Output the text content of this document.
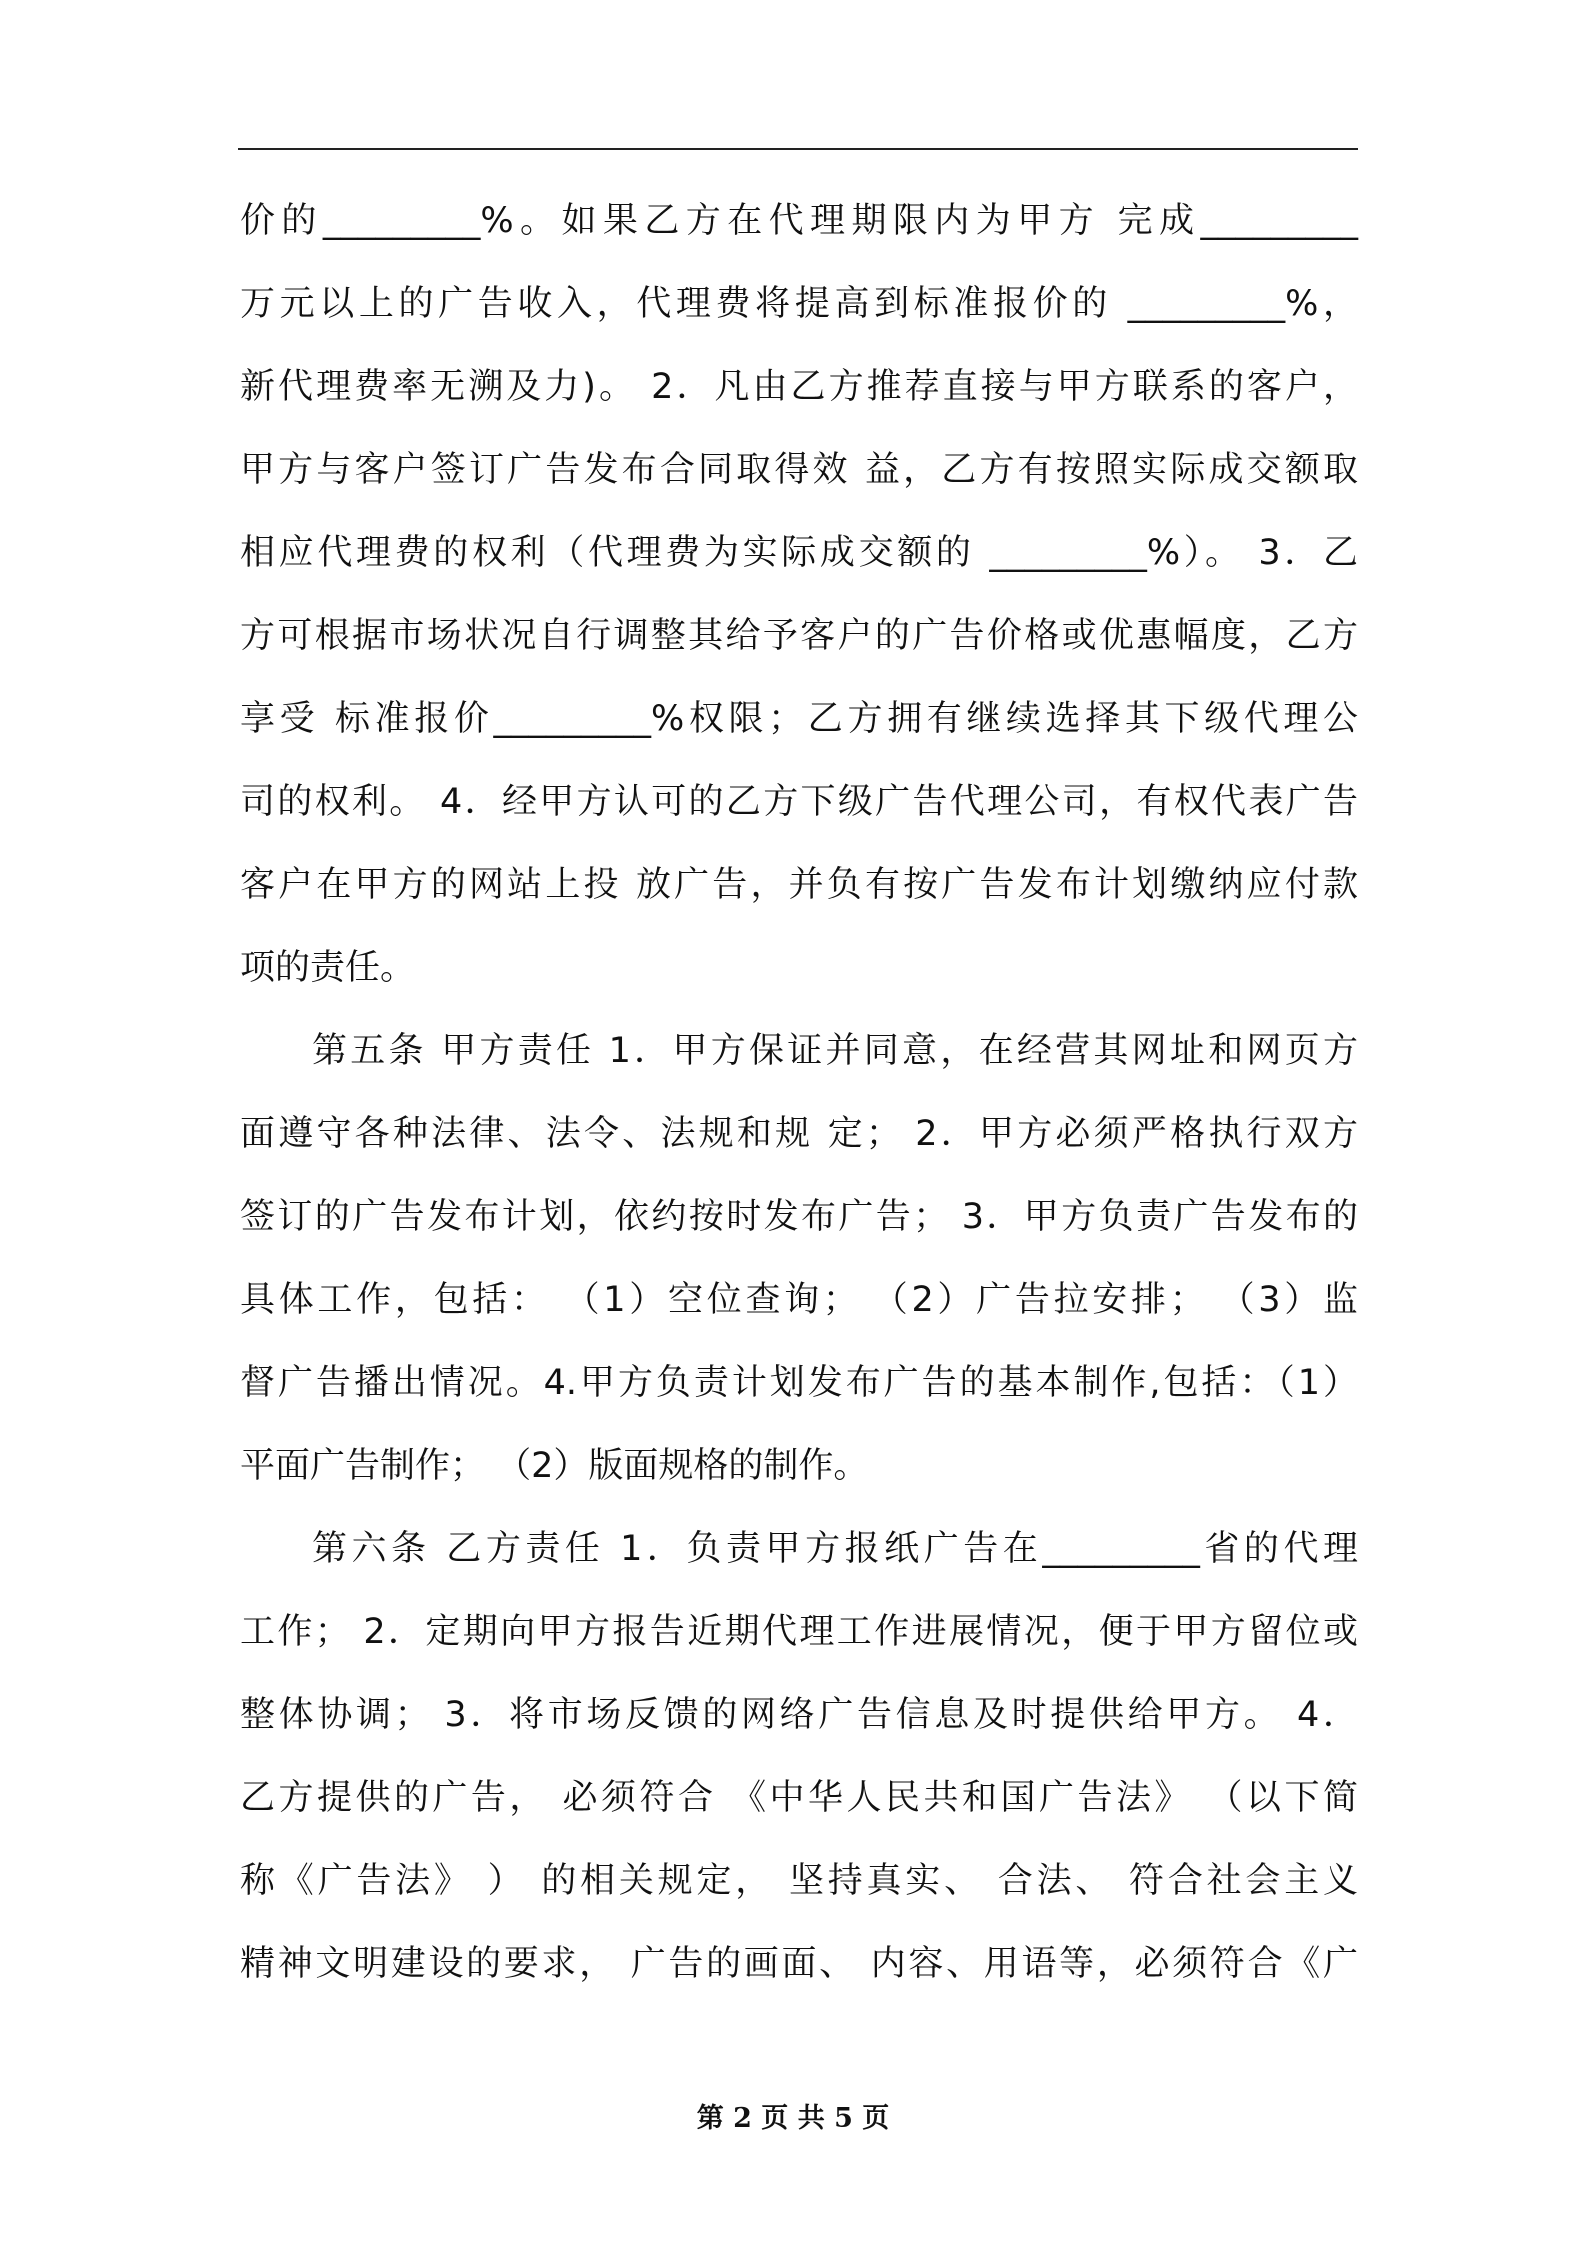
价的_________%。如果乙方在代理期限内为甲方 完成_________
万元以上的广告收入，代理费将提高到标准报价的 _________%，
新代理费率无溯及力)。 2．凡由乙方推荐直接与甲方联系的客户，
甲方与客户签订广告发布合同取得效 益，乙方有按照实际成交额取
相应代理费的权利（代理费为实际成交额的 _________%）。 3．乙
方可根据市场状况自行调整其给予客户的广告价格或优惠幅度，乙方
享受 标准报价_________%权限；乙方拥有继续选择其下级代理公
司的权利。 4．经甲方认可的乙方下级广告代理公司，有权代表广告
客户在甲方的网站上投 放广告，并负有按广告发布计划缴纳应付款
项的责任。
第五条 甲方责任 1．甲方保证并同意，在经营其网址和网页方
面遵守各种法律、法令、法规和规 定； 2．甲方必须严格执行双方
签订的广告发布计划，依约按时发布广告； 3．甲方负责广告发布的
具体工作，包括： （1）空位查询； （2）广告拉安排； （3）监
督广告播出情况。4.甲方负责计划发布广告的基本制作,包括：（1）
平面广告制作； （2）版面规格的制作。
第六条 乙方责任 1．负责甲方报纸广告在_________省的代理
工作； 2．定期向甲方报告近期代理工作进展情况，便于甲方留位或
整体协调； 3．将市场反馈的网络广告信息及时提供给甲方。 4．
乙方提供的广告， 必须符合 《中华人民共和国广告法》 （以下简
称《广告法》 ） 的相关规定， 坚持真实、 合法、 符合社会主义
精神文明建设的要求， 广告的画面、 内容、用语等，必须符合《广
第 2 页 共 5 页
